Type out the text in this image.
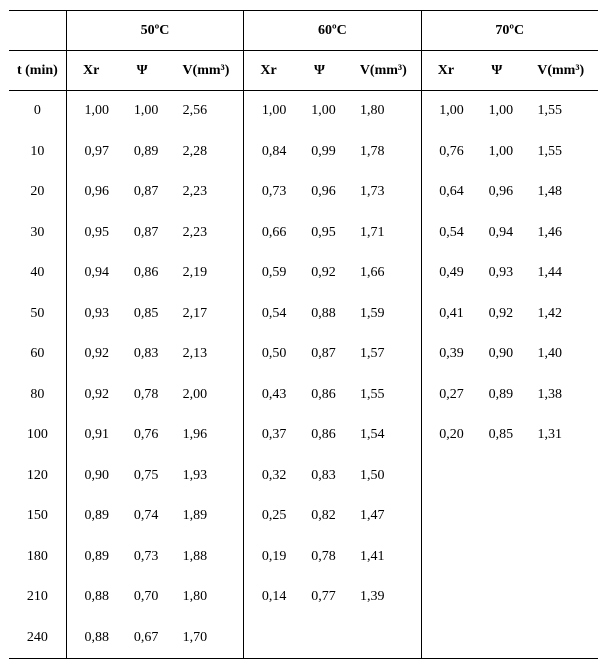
	50ºC			60ºC			70ºC		
t (min)	Xr	Ψ	V(mm³)	Xr	Ψ	V(mm³)	Xr	Ψ	V(mm³)
0	1,00	1,00	2,56	1,00	1,00	1,80	1,00	1,00	1,55
10	0,97	0,89	2,28	0,84	0,99	1,78	0,76	1,00	1,55
20	0,96	0,87	2,23	0,73	0,96	1,73	0,64	0,96	1,48
30	0,95	0,87	2,23	0,66	0,95	1,71	0,54	0,94	1,46
40	0,94	0,86	2,19	0,59	0,92	1,66	0,49	0,93	1,44
50	0,93	0,85	2,17	0,54	0,88	1,59	0,41	0,92	1,42
60	0,92	0,83	2,13	0,50	0,87	1,57	0,39	0,90	1,40
80	0,92	0,78	2,00	0,43	0,86	1,55	0,27	0,89	1,38
100	0,91	0,76	1,96	0,37	0,86	1,54	0,20	0,85	1,31
120	0,90	0,75	1,93	0,32	0,83	1,50			
150	0,89	0,74	1,89	0,25	0,82	1,47			
180	0,89	0,73	1,88	0,19	0,78	1,41			
210	0,88	0,70	1,80	0,14	0,77	1,39			
240	0,88	0,67	1,70						
